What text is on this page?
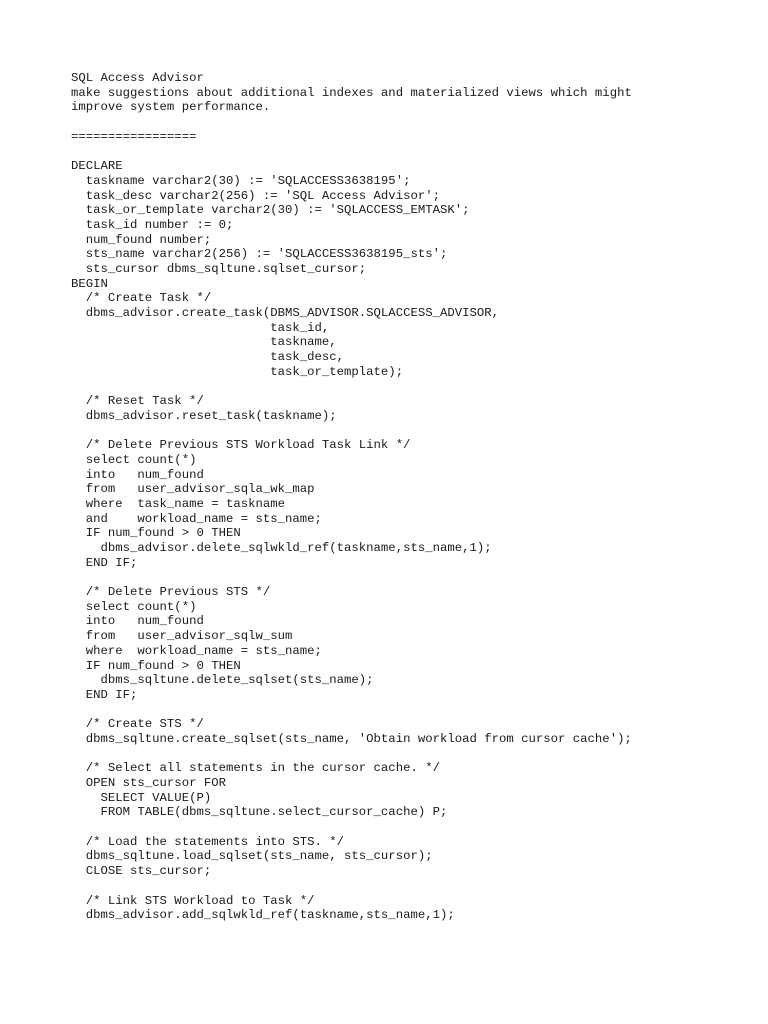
SQL Access Advisor
make suggestions about additional indexes and materialized views which might
improve system performance.
=================
DECLARE
taskname varchar2(30) := 'SQLACCESS3638195';
task_desc varchar2(256) := 'SQL Access Advisor';
task_or_template varchar2(30) := 'SQLACCESS_EMTASK';
task_id number := 0;
num_found number;
sts_name varchar2(256) := 'SQLACCESS3638195_sts';
sts_cursor dbms_sqltune.sqlset_cursor;
BEGIN
/* Create Task */
dbms_advisor.create_task(DBMS_ADVISOR.SQLACCESS_ADVISOR,
task_id,
taskname,
task_desc,
task_or_template);
/* Reset Task */
dbms_advisor.reset_task(taskname);
/* Delete Previous STS Workload Task Link */
select count(*)
into   num_found
from   user_advisor_sqla_wk_map
where  task_name = taskname
and    workload_name = sts_name;
IF num_found > 0 THEN
dbms_advisor.delete_sqlwkld_ref(taskname,sts_name,1);
END IF;
/* Delete Previous STS */
select count(*)
into   num_found
from   user_advisor_sqlw_sum
where  workload_name = sts_name;
IF num_found > 0 THEN
dbms_sqltune.delete_sqlset(sts_name);
END IF;
/* Create STS */
dbms_sqltune.create_sqlset(sts_name, 'Obtain workload from cursor cache');
/* Select all statements in the cursor cache. */
OPEN sts_cursor FOR
SELECT VALUE(P)
FROM TABLE(dbms_sqltune.select_cursor_cache) P;
/* Load the statements into STS. */
dbms_sqltune.load_sqlset(sts_name, sts_cursor);
CLOSE sts_cursor;
/* Link STS Workload to Task */
dbms_advisor.add_sqlwkld_ref(taskname,sts_name,1);
